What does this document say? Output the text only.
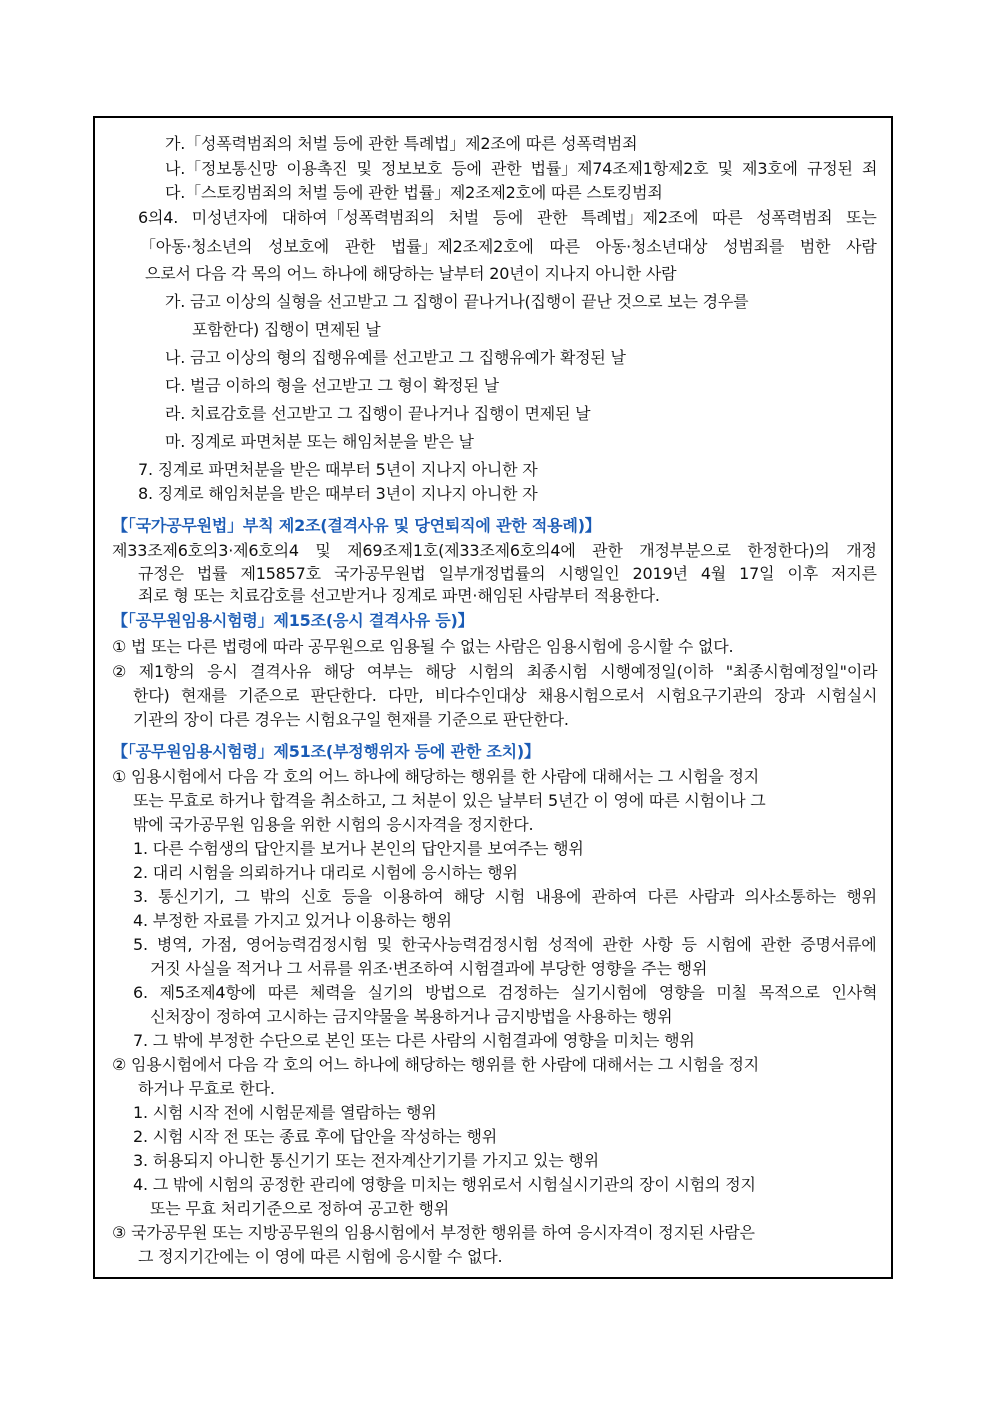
가.「성폭력범죄의 처벌 등에 관한 특례법」제2조에 따른 성폭력범죄
나.「정보통신망 이용촉진 및 정보보호 등에 관한 법률」제74조제1항제2호 및 제3호에 규정된 죄
다.「스토킹범죄의 처벌 등에 관한 법률」제2조제2호에 따른 스토킹범죄
6의4. 미성년자에 대하여「성폭력범죄의 처벌 등에 관한 특례법」제2조에 따른 성폭력범죄 또는
「아동·청소년의 성보호에 관한 법률」제2조제2호에 따른 아동·청소년대상 성범죄를 범한 사람
으로서 다음 각 목의 어느 하나에 해당하는 날부터 20년이 지나지 아니한 사람
가. 금고 이상의 실형을 선고받고 그 집행이 끝나거나(집행이 끝난 것으로 보는 경우를
포함한다) 집행이 면제된 날
나. 금고 이상의 형의 집행유예를 선고받고 그 집행유예가 확정된 날
다. 벌금 이하의 형을 선고받고 그 형이 확정된 날
라. 치료감호를 선고받고 그 집행이 끝나거나 집행이 면제된 날
마. 징계로 파면처분 또는 해임처분을 받은 날
7. 징계로 파면처분을 받은 때부터 5년이 지나지 아니한 자
8. 징계로 해임처분을 받은 때부터 3년이 지나지 아니한 자
【「국가공무원법」부칙 제2조(결격사유 및 당연퇴직에 관한 적용례)】
제33조제6호의3·제6호의4 및 제69조제1호(제33조제6호의4에 관한 개정부분으로 한정한다)의 개정
규정은 법률 제15857호 국가공무원법 일부개정법률의 시행일인 2019년 4월 17일 이후 저지른
죄로 형 또는 치료감호를 선고받거나 징계로 파면·해임된 사람부터 적용한다.
【「공무원임용시험령」제15조(응시 결격사유 등)】
① 법 또는 다른 법령에 따라 공무원으로 임용될 수 없는 사람은 임용시험에 응시할 수 없다.
② 제1항의 응시 결격사유 해당 여부는 해당 시험의 최종시험 시행예정일(이하 "최종시험예정일"이라
한다) 현재를 기준으로 판단한다. 다만, 비다수인대상 채용시험으로서 시험요구기관의 장과 시험실시
기관의 장이 다른 경우는 시험요구일 현재를 기준으로 판단한다.
【「공무원임용시험령」제51조(부정행위자 등에 관한 조치)】
① 임용시험에서 다음 각 호의 어느 하나에 해당하는 행위를 한 사람에 대해서는 그 시험을 정지
또는 무효로 하거나 합격을 취소하고, 그 처분이 있은 날부터 5년간 이 영에 따른 시험이나 그
밖에 국가공무원 임용을 위한 시험의 응시자격을 정지한다.
1. 다른 수험생의 답안지를 보거나 본인의 답안지를 보여주는 행위
2. 대리 시험을 의뢰하거나 대리로 시험에 응시하는 행위
3. 통신기기, 그 밖의 신호 등을 이용하여 해당 시험 내용에 관하여 다른 사람과 의사소통하는 행위
4. 부정한 자료를 가지고 있거나 이용하는 행위
5. 병역, 가점, 영어능력검정시험 및 한국사능력검정시험 성적에 관한 사항 등 시험에 관한 증명서류에
거짓 사실을 적거나 그 서류를 위조·변조하여 시험결과에 부당한 영향을 주는 행위
6. 제5조제4항에 따른 체력을 실기의 방법으로 검정하는 실기시험에 영향을 미칠 목적으로 인사혁
신처장이 정하여 고시하는 금지약물을 복용하거나 금지방법을 사용하는 행위
7. 그 밖에 부정한 수단으로 본인 또는 다른 사람의 시험결과에 영향을 미치는 행위
② 임용시험에서 다음 각 호의 어느 하나에 해당하는 행위를 한 사람에 대해서는 그 시험을 정지
하거나 무효로 한다.
1. 시험 시작 전에 시험문제를 열람하는 행위
2. 시험 시작 전 또는 종료 후에 답안을 작성하는 행위
3. 허용되지 아니한 통신기기 또는 전자계산기기를 가지고 있는 행위
4. 그 밖에 시험의 공정한 관리에 영향을 미치는 행위로서 시험실시기관의 장이 시험의 정지
또는 무효 처리기준으로 정하여 공고한 행위
③ 국가공무원 또는 지방공무원의 임용시험에서 부정한 행위를 하여 응시자격이 정지된 사람은
그 정지기간에는 이 영에 따른 시험에 응시할 수 없다.
